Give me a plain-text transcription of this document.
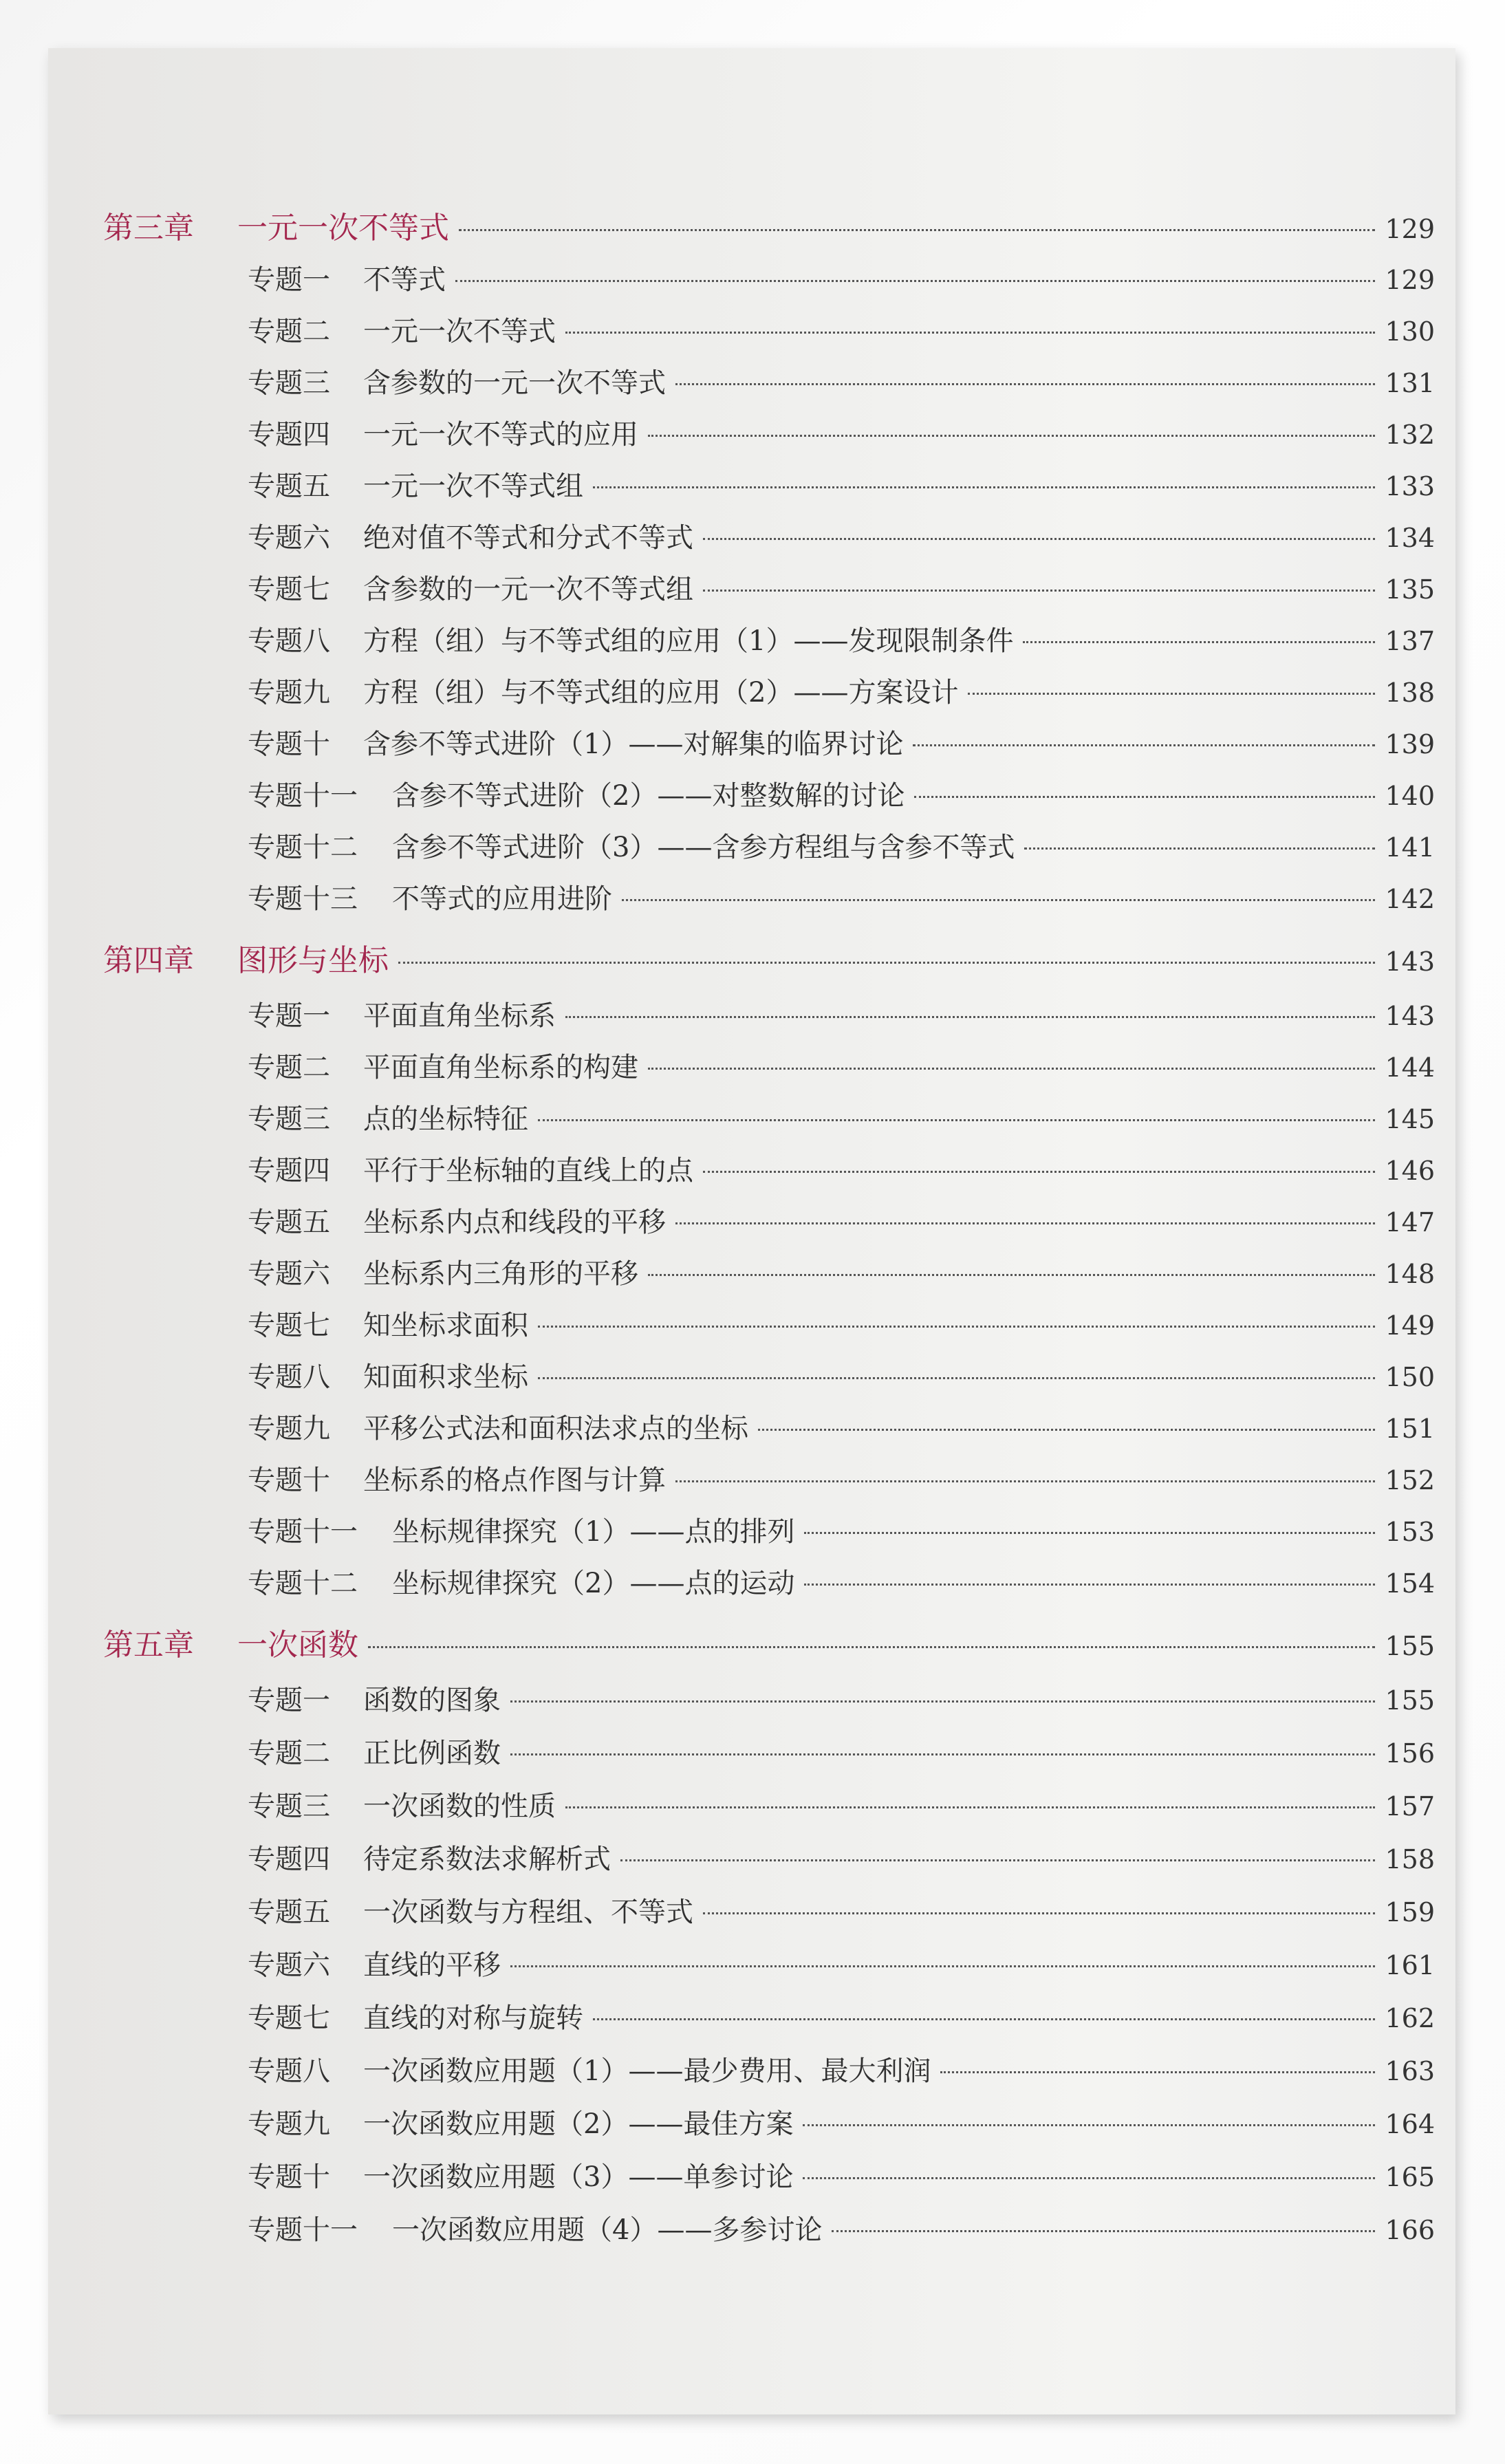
第三章	一元一次不等式	129
专题一	不等式	129
专题二	一元一次不等式	130
专题三	含参数的一元一次不等式	131
专题四	一元一次不等式的应用	132
专题五	一元一次不等式组	133
专题六	绝对值不等式和分式不等式	134
专题七	含参数的一元一次不等式组	135
专题八	方程（组）与不等式组的应用（1）——发现限制条件	137
专题九	方程（组）与不等式组的应用（2）——方案设计	138
专题十	含参不等式进阶（1）——对解集的临界讨论	139
专题十一	含参不等式进阶（2）——对整数解的讨论	140
专题十二	含参不等式进阶（3）——含参方程组与含参不等式	141
专题十三	不等式的应用进阶	142
第四章	图形与坐标	143
专题一	平面直角坐标系	143
专题二	平面直角坐标系的构建	144
专题三	点的坐标特征	145
专题四	平行于坐标轴的直线上的点	146
专题五	坐标系内点和线段的平移	147
专题六	坐标系内三角形的平移	148
专题七	知坐标求面积	149
专题八	知面积求坐标	150
专题九	平移公式法和面积法求点的坐标	151
专题十	坐标系的格点作图与计算	152
专题十一	坐标规律探究（1）——点的排列	153
专题十二	坐标规律探究（2）——点的运动	154
第五章	一次函数	155
专题一	函数的图象	155
专题二	正比例函数	156
专题三	一次函数的性质	157
专题四	待定系数法求解析式	158
专题五	一次函数与方程组、不等式	159
专题六	直线的平移	161
专题七	直线的对称与旋转	162
专题八	一次函数应用题（1）——最少费用、最大利润	163
专题九	一次函数应用题（2）——最佳方案	164
专题十	一次函数应用题（3）——单参讨论	165
专题十一	一次函数应用题（4）——多参讨论	166
